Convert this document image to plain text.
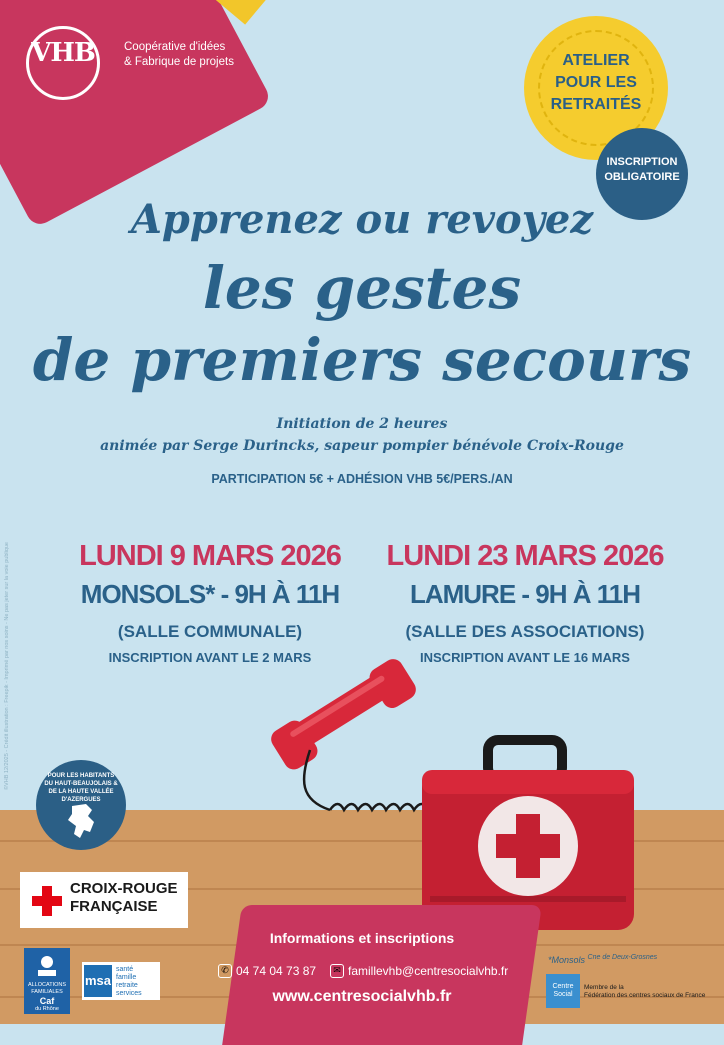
VHB	Coopérative d'idées
& Fabrique de projets	ATELIER
POUR LES
RETRAITÉS
INSCRIPTION
OBLIGATOIRE
Apprenez ou revoyez
les gestes
de premiers secours
Initiation de 2 heures
animée par Serge Durincks, sapeur pompier bénévole Croix-Rouge
PARTICIPATION 5€ + ADHÉSION VHB 5€/PERS./AN
LUNDI 9 MARS 2026
MONSOLS* - 9H À 11H
(SALLE COMMUNALE)
INSCRIPTION AVANT LE 2 MARS
LUNDI 23 MARS 2026
LAMURE - 9H À 11H
(SALLE DES ASSOCIATIONS)
INSCRIPTION AVANT LE 16 MARS
POUR LES HABITANTS
DU HAUT-BEAUJOLAIS &
DE LA HAUTE VALLÉE D'AZERGUES
CROIX-ROUGE
FRANÇAISE
Informations et inscriptions
✆ 04 74 04 73 87	✉ famillevhb@centresocialvhb.fr
www.centresocialvhb.fr
ALLOCATIONS
FAMILIALES
Caf
du Rhône
msa
santé
famille
retraite
services
*Monsols $^{Cne de Deux-Grosnes}$
Centre Social
Membre de la
Fédération des centres sociaux de France
©VHB 12/2025 - Crédit illustration : Freepik - Imprimé par nos soins - Ne pas jeter sur la voie publique
